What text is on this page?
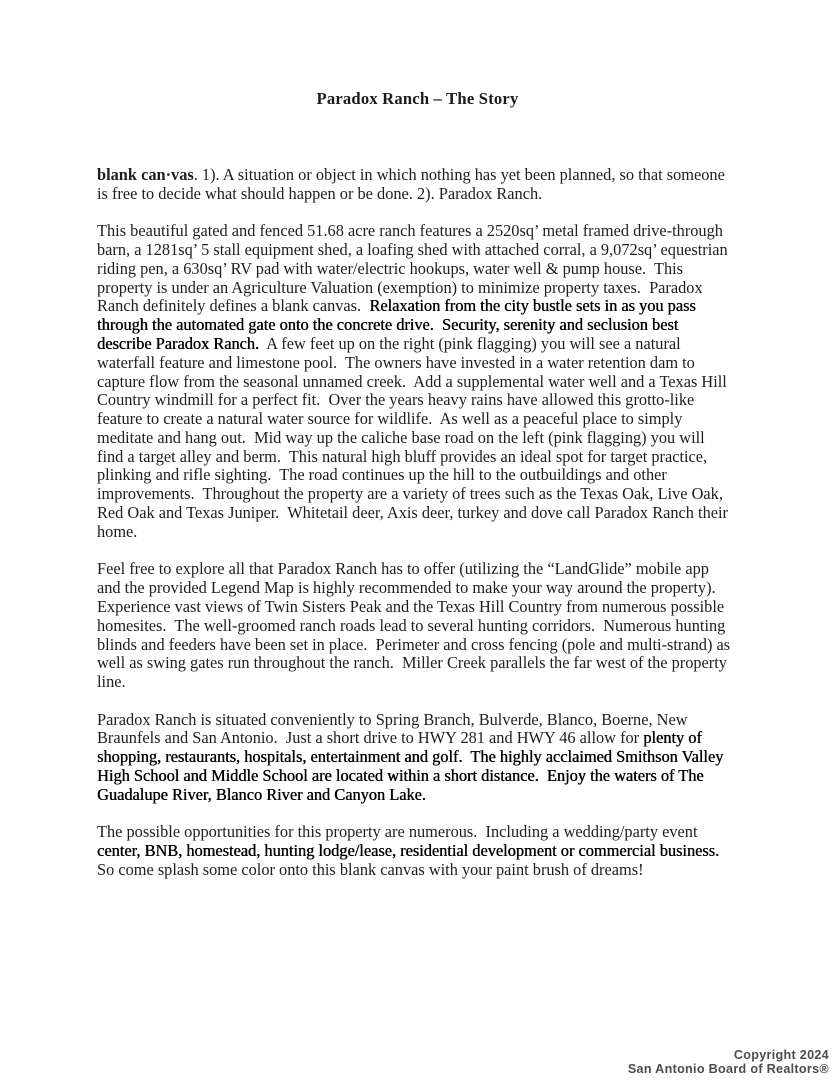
Paradox Ranch – The Story
blank can·vas. 1). A situation or object in which nothing has yet been planned, so that someone
is free to decide what should happen or be done. 2). Paradox Ranch.
This beautiful gated and fenced 51.68 acre ranch features a 2520sq’ metal framed drive-through
barn, a 1281sq’ 5 stall equipment shed, a loafing shed with attached corral, a 9,072sq’ equestrian
riding pen, a 630sq’ RV pad with water/electric hookups, water well & pump house.  This
property is under an Agriculture Valuation (exemption) to minimize property taxes.  Paradox
Ranch definitely defines a blank canvas.  Relaxation from the city bustle sets in as you pass
through the automated gate onto the concrete drive.  Security, serenity and seclusion best
describe Paradox Ranch.  A few feet up on the right (pink flagging) you will see a natural
waterfall feature and limestone pool.  The owners have invested in a water retention dam to
capture flow from the seasonal unnamed creek.  Add a supplemental water well and a Texas Hill
Country windmill for a perfect fit.  Over the years heavy rains have allowed this grotto-like
feature to create a natural water source for wildlife.  As well as a peaceful place to simply
meditate and hang out.  Mid way up the caliche base road on the left (pink flagging) you will
find a target alley and berm.  This natural high bluff provides an ideal spot for target practice,
plinking and rifle sighting.  The road continues up the hill to the outbuildings and other
improvements.  Throughout the property are a variety of trees such as the Texas Oak, Live Oak,
Red Oak and Texas Juniper.  Whitetail deer, Axis deer, turkey and dove call Paradox Ranch their
home.
Feel free to explore all that Paradox Ranch has to offer (utilizing the “LandGlide” mobile app
and the provided Legend Map is highly recommended to make your way around the property).
Experience vast views of Twin Sisters Peak and the Texas Hill Country from numerous possible
homesites.  The well-groomed ranch roads lead to several hunting corridors.  Numerous hunting
blinds and feeders have been set in place.  Perimeter and cross fencing (pole and multi-strand) as
well as swing gates run throughout the ranch.  Miller Creek parallels the far west of the property
line.
Paradox Ranch is situated conveniently to Spring Branch, Bulverde, Blanco, Boerne, New
Braunfels and San Antonio.  Just a short drive to HWY 281 and HWY 46 allow for plenty of
shopping, restaurants, hospitals, entertainment and golf.  The highly acclaimed Smithson Valley
High School and Middle School are located within a short distance.  Enjoy the waters of The
Guadalupe River, Blanco River and Canyon Lake.
The possible opportunities for this property are numerous.  Including a wedding/party event
center, BNB, homestead, hunting lodge/lease, residential development or commercial business.
So come splash some color onto this blank canvas with your paint brush of dreams!
Copyright 2024
San Antonio Board of Realtors®
